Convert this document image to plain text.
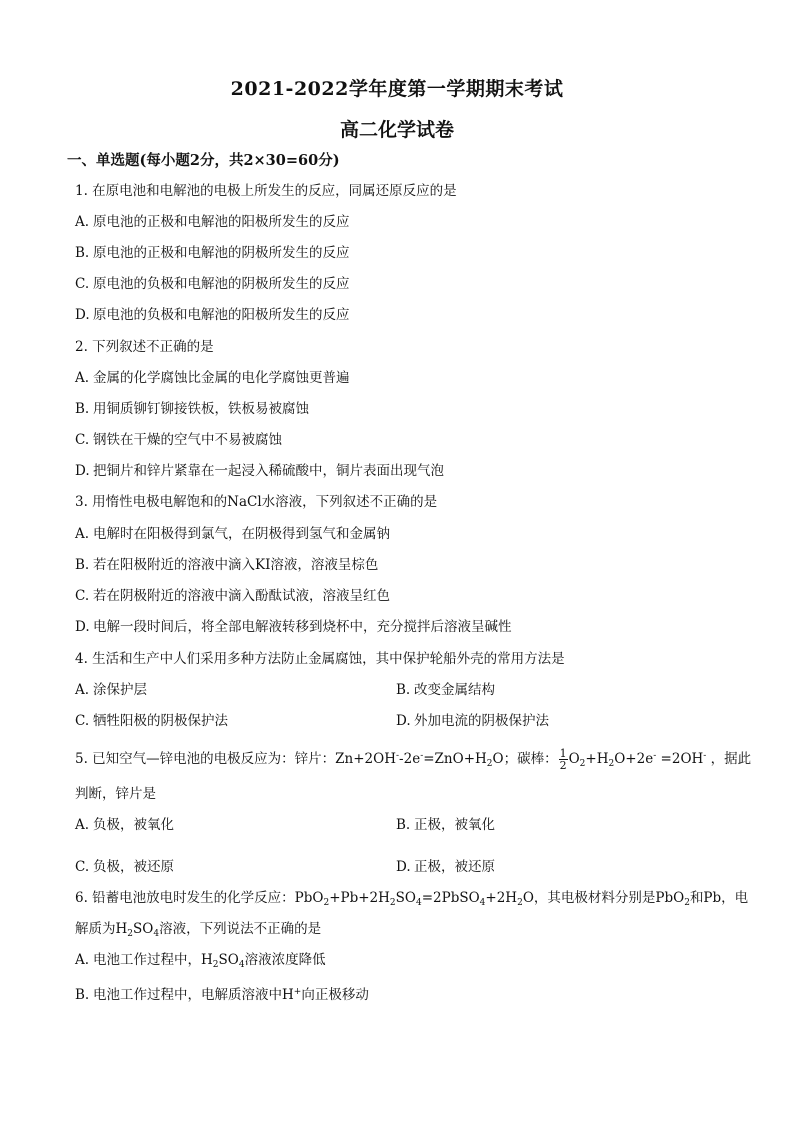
2021-2022学年度第一学期期末考试
高二化学试卷
一、单选题(每小题2分，共2×30=60分)
1. 在原电池和电解池的电极上所发生的反应，同属还原反应的是
A. 原电池的正极和电解池的阳极所发生的反应
B. 原电池的正极和电解池的阴极所发生的反应
C. 原电池的负极和电解池的阴极所发生的反应
D. 原电池的负极和电解池的阳极所发生的反应
2. 下列叙述不正确的是
A. 金属的化学腐蚀比金属的电化学腐蚀更普遍
B. 用铜质铆钉铆接铁板，铁板易被腐蚀
C. 钢铁在干燥的空气中不易被腐蚀
D. 把铜片和锌片紧靠在一起浸入稀硫酸中，铜片表面出现气泡
3. 用惰性电极电解饱和的NaCl水溶液，下列叙述不正确的是
A. 电解时在阳极得到氯气，在阴极得到氢气和金属钠
B. 若在阳极附近的溶液中滴入KI溶液，溶液呈棕色
C. 若在阴极附近的溶液中滴入酚酞试液，溶液呈红色
D. 电解一段时间后，将全部电解液转移到烧杯中，充分搅拌后溶液呈碱性
4. 生活和生产中人们采用多种方法防止金属腐蚀，其中保护轮船外壳的常用方法是
A. 涂保护层	B. 改变金属结构
C. 牺牲阳极的阴极保护法	D. 外加电流的阴极保护法
5. 已知空气—锌电池的电极反应为：锌片：$Zn+2OH^--2e^-=ZnO+H_2O$；碳棒： $\frac{1}{2} O_2+H_2O+2e^- =2OH^-$ ，据此
判断，锌片是
A. 负极，被氧化	B. 正极，被氧化
C. 负极，被还原	D. 正极，被还原
6. 铅蓄电池放电时发生的化学反应：$PbO_2+Pb+2H_2SO_4=2PbSO_4+2H_2O$，其电极材料分别是PbO$_2$和Pb，电
解质为$H_2SO_4$溶液，下列说法不正确的是
A. 电池工作过程中，$H_2SO_4$溶液浓度降低
B. 电池工作过程中，电解质溶液中H+向正极移动
